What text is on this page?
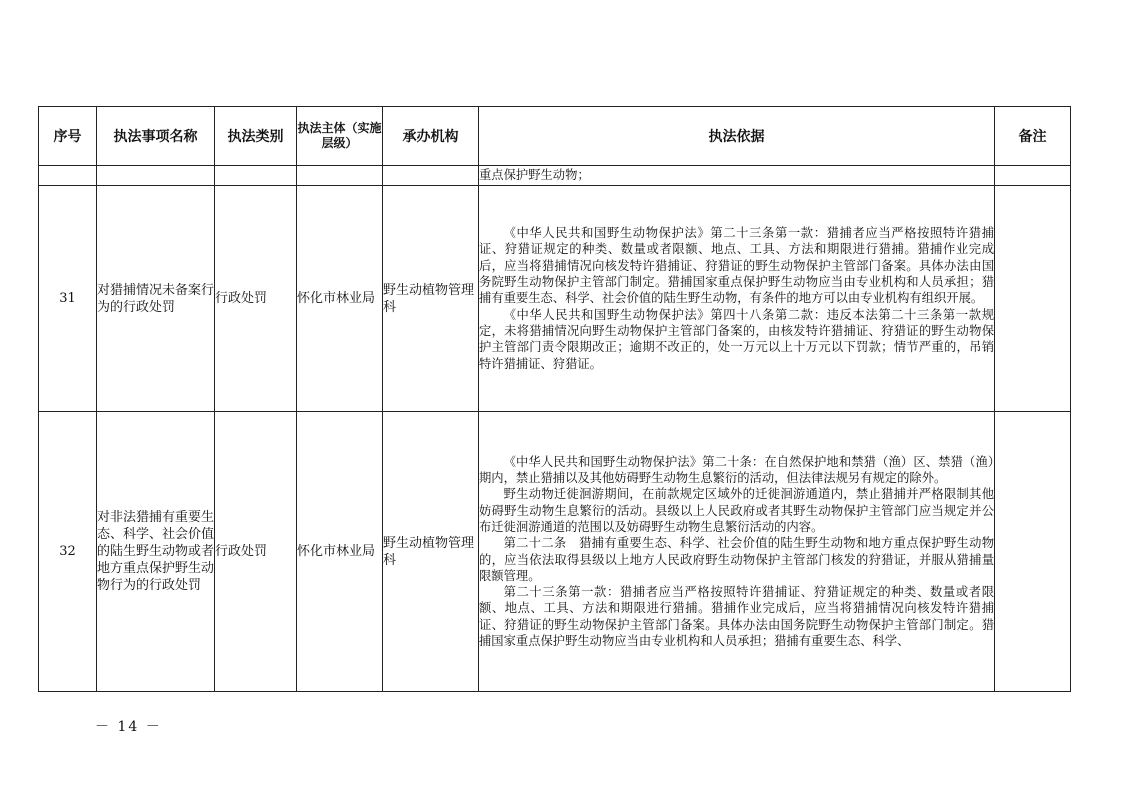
序号	执法事项名称	执法类别	执法主体（实施层级）	承办机构	执法依据	备注

					重点保护野生动物；	

31	对猎捕情况未备案行为的行政处罚	行政处罚	怀化市林业局	野生动植物管理科	《中华人民共和国野生动物保护法》第二十三条第一款：猎捕者应当严格按照特许猎捕证、狩猎证规定的种类、数量或者限额、地点、工具、方法和期限进行猎捕。猎捕作业完成后，应当将猎捕情况向核发特许猎捕证、狩猎证的野生动物保护主管部门备案。具体办法由国务院野生动物保护主管部门制定。猎捕国家重点保护野生动物应当由专业机构和人员承担；猎捕有重要生态、科学、社会价值的陆生野生动物，有条件的地方可以由专业机构有组织开展。

《中华人民共和国野生动物保护法》第四十八条第二款：违反本法第二十三条第一款规定，未将猎捕情况向野生动物保护主管部门备案的，由核发特许猎捕证、狩猎证的野生动物保护主管部门责令限期改正；逾期不改正的，处一万元以上十万元以下罚款；情节严重的，吊销特许猎捕证、狩猎证。	

32	对非法猎捕有重要生态、科学、社会价值的陆生野生动物或者地方重点保护野生动物行为的行政处罚	行政处罚	怀化市林业局	野生动植物管理科	《中华人民共和国野生动物保护法》第二十条：在自然保护地和禁猎（渔）区、禁猎（渔）期内，禁止猎捕以及其他妨碍野生动物生息繁衍的活动，但法律法规另有规定的除外。

野生动物迁徙洄游期间，在前款规定区域外的迁徙洄游通道内，禁止猎捕并严格限制其他妨碍野生动物生息繁衍的活动。县级以上人民政府或者其野生动物保护主管部门应当规定并公布迁徙洄游通道的范围以及妨碍野生动物生息繁衍活动的内容。

第二十二条　猎捕有重要生态、科学、社会价值的陆生野生动物和地方重点保护野生动物的，应当依法取得县级以上地方人民政府野生动物保护主管部门核发的狩猎证，并服从猎捕量限额管理。

第二十三条第一款：猎捕者应当严格按照特许猎捕证、狩猎证规定的种类、数量或者限额、地点、工具、方法和期限进行猎捕。猎捕作业完成后，应当将猎捕情况向核发特许猎捕证、狩猎证的野生动物保护主管部门备案。具体办法由国务院野生动物保护主管部门制定。猎捕国家重点保护野生动物应当由专业机构和人员承担；猎捕有重要生态、科学、	

－ 14 －
